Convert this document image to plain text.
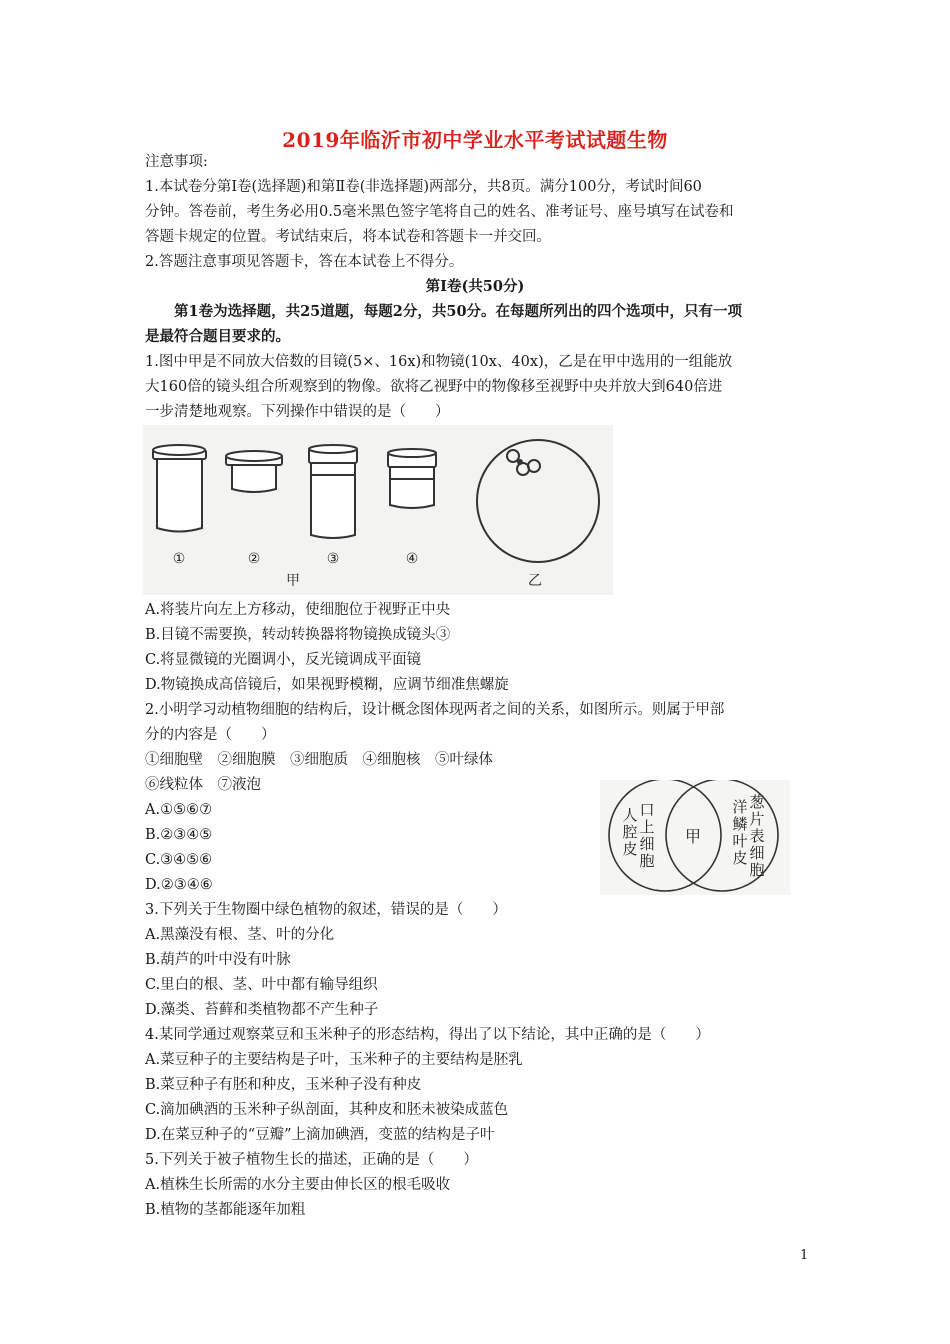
2019年临沂市初中学业水平考试试题生物
注意事项:
1.本试卷分第Ⅰ卷(选择题)和第Ⅱ卷(非选择题)两部分，共8页。满分100分，考试时间60
分钟。答卷前，考生务必用0.5毫米黑色签字笔将自己的姓名、准考证号、座号填写在试卷和
答题卡规定的位置。考试结束后，将本试卷和答题卡一并交回。
2.答题注意事项见答题卡，答在本试卷上不得分。
第Ⅰ卷(共50分)
第1卷为选择题，共25道题，每题2分，共50分。在每题所列出的四个选项中，只有一项
是最符合题目要求的。
1.图中甲是不同放大倍数的目镜(5×、16x)和物镜(10x、40x)，乙是在甲中选用的一组能放
大160倍的镜头组合所观察到的物像。欲将乙视野中的物像移至视野中央并放大到640倍进
一步清楚地观察。下列操作中错误的是（　　）
①	②	③	④
甲	乙
A.将装片向左上方移动，使细胞位于视野正中央
B.目镜不需要换，转动转换器将物镜换成镜头③
C.将显微镜的光圈调小，反光镜调成平面镜
D.物镜换成高倍镜后，如果视野模糊，应调节细准焦螺旋
2.小明学习动植物细胞的结构后，设计概念图体现两者之间的关系，如图所示。则属于甲部
分的内容是（　　）
①细胞壁　②细胞膜　③细胞质　④细胞核　⑤叶绿体
⑥线粒体　⑦液泡
A.①⑤⑥⑦
B.②③④⑤
C.③④⑤⑥
D.②③④⑥
人
腔
皮
口
上
细
胞
甲
洋
鳞
叶
皮
葱
片
表
细
胞
3.下列关于生物圈中绿色植物的叙述，错误的是（　　）
A.黑藻没有根、茎、叶的分化
B.葫芦的叶中没有叶脉
C.里白的根、茎、叶中都有输导组织
D.藻类、苔藓和类植物都不产生种子
4.某同学通过观察菜豆和玉米种子的形态结构，得出了以下结论，其中正确的是（　　）
A.菜豆种子的主要结构是子叶，玉米种子的主要结构是胚乳
B.菜豆种子有胚和种皮，玉米种子没有种皮
C.滴加碘酒的玉米种子纵剖面，其种皮和胚未被染成蓝色
D.在菜豆种子的“豆瓣”上滴加碘酒，变蓝的结构是子叶
5.下列关于被子植物生长的描述，正确的是（　　）
A.植株生长所需的水分主要由伸长区的根毛吸收
B.植物的茎都能逐年加粗
1
